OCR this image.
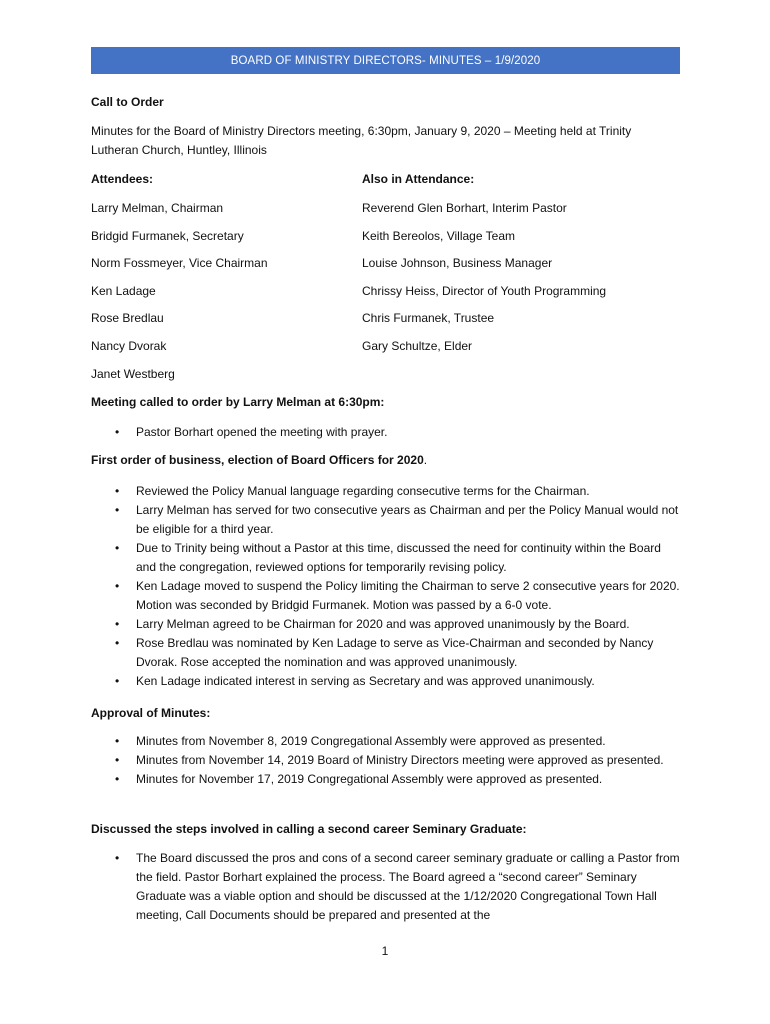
BOARD OF MINISTRY DIRECTORS- MINUTES – 1/9/2020
Call to Order
Minutes for the Board of Ministry Directors meeting, 6:30pm, January 9, 2020 – Meeting held at Trinity Lutheran Church, Huntley, Illinois
Attendees:
Larry Melman, Chairman
Bridgid Furmanek, Secretary
Norm Fossmeyer, Vice Chairman
Ken Ladage
Rose Bredlau
Nancy Dvorak
Janet Westberg
Also in Attendance:
Reverend Glen Borhart, Interim Pastor
Keith Bereolos, Village Team
Louise Johnson, Business Manager
Chrissy Heiss, Director of Youth Programming
Chris Furmanek, Trustee
Gary Schultze, Elder
Meeting called to order by Larry Melman at 6:30pm:
• Pastor Borhart opened the meeting with prayer.
First order of business, election of Board Officers for 2020.
• Reviewed the Policy Manual language regarding consecutive terms for the Chairman.
• Larry Melman has served for two consecutive years as Chairman and per the Policy Manual would not be eligible for a third year.
• Due to Trinity being without a Pastor at this time, discussed the need for continuity within the Board and the congregation, reviewed options for temporarily revising policy.
• Ken Ladage moved to suspend the Policy limiting the Chairman to serve 2 consecutive years for 2020. Motion was seconded by Bridgid Furmanek. Motion was passed by a 6-0 vote.
• Larry Melman agreed to be Chairman for 2020 and was approved unanimously by the Board.
• Rose Bredlau was nominated by Ken Ladage to serve as Vice-Chairman and seconded by Nancy Dvorak. Rose accepted the nomination and was approved unanimously.
• Ken Ladage indicated interest in serving as Secretary and was approved unanimously.
Approval of Minutes:
• Minutes from November 8, 2019 Congregational Assembly were approved as presented.
• Minutes from November 14, 2019 Board of Ministry Directors meeting were approved as presented.
• Minutes for November 17, 2019 Congregational Assembly were approved as presented.
Discussed the steps involved in calling a second career Seminary Graduate:
• The Board discussed the pros and cons of a second career seminary graduate or calling a Pastor from the field. Pastor Borhart explained the process. The Board agreed a “second career” Seminary Graduate was a viable option and should be discussed at the 1/12/2020 Congregational Town Hall meeting, Call Documents should be prepared and presented at the
1
